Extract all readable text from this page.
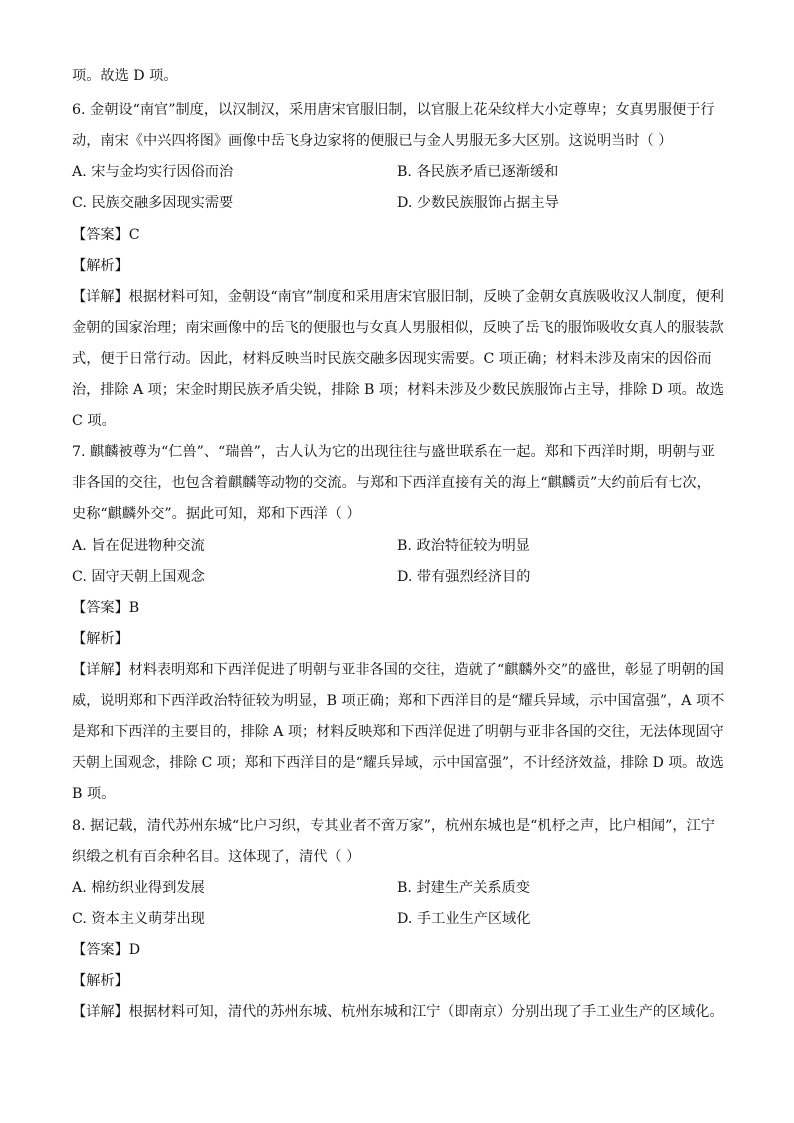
项。故选 D 项。
6. 金朝设“南官”制度，以汉制汉，采用唐宋官服旧制，以官服上花朵纹样大小定尊卑；女真男服便于行
动，南宋《中兴四将图》画像中岳飞身边家将的便服已与金人男服无多大区别。这说明当时（ ）
A. 宋与金均实行因俗而治	B. 各民族矛盾已逐渐缓和
C. 民族交融多因现实需要	D. 少数民族服饰占据主导
【答案】C
【解析】
【详解】根据材料可知，金朝设“南官”制度和采用唐宋官服旧制，反映了金朝女真族吸收汉人制度，便利
金朝的国家治理；南宋画像中的岳飞的便服也与女真人男服相似，反映了岳飞的服饰吸收女真人的服装款
式，便于日常行动。因此，材料反映当时民族交融多因现实需要。C 项正确；材料未涉及南宋的因俗而
治，排除 A 项；宋金时期民族矛盾尖锐，排除 B 项；材料未涉及少数民族服饰占主导，排除 D 项。故选
C 项。
7. 麒麟被尊为“仁兽”、“瑞兽”，古人认为它的出现往往与盛世联系在一起。郑和下西洋时期，明朝与亚
非各国的交往，也包含着麒麟等动物的交流。与郑和下西洋直接有关的海上“麒麟贡”大约前后有七次，
史称“麒麟外交”。据此可知，郑和下西洋（ ）
A. 旨在促进物种交流	B. 政治特征较为明显
C. 固守天朝上国观念	D. 带有强烈经济目的
【答案】B
【解析】
【详解】材料表明郑和下西洋促进了明朝与亚非各国的交往，造就了“麒麟外交”的盛世，彰显了明朝的国
威，说明郑和下西洋政治特征较为明显，B 项正确；郑和下西洋目的是“耀兵异域，示中国富强”，A 项不
是郑和下西洋的主要目的，排除 A 项；材料反映郑和下西洋促进了明朝与亚非各国的交往，无法体现固守
天朝上国观念，排除 C 项；郑和下西洋目的是“耀兵异域，示中国富强”，不计经济效益，排除 D 项。故选
B 项。
8. 据记载，清代苏州东城“比户习织，专其业者不啻万家”，杭州东城也是“机杼之声，比户相闻”，江宁
织缎之机有百余种名目。这体现了，清代（ ）
A. 棉纺织业得到发展	B. 封建生产关系质变
C. 资本主义萌芽出现	D. 手工业生产区域化
【答案】D
【解析】
【详解】根据材料可知，清代的苏州东城、杭州东城和江宁（即南京）分别出现了手工业生产的区域化。
